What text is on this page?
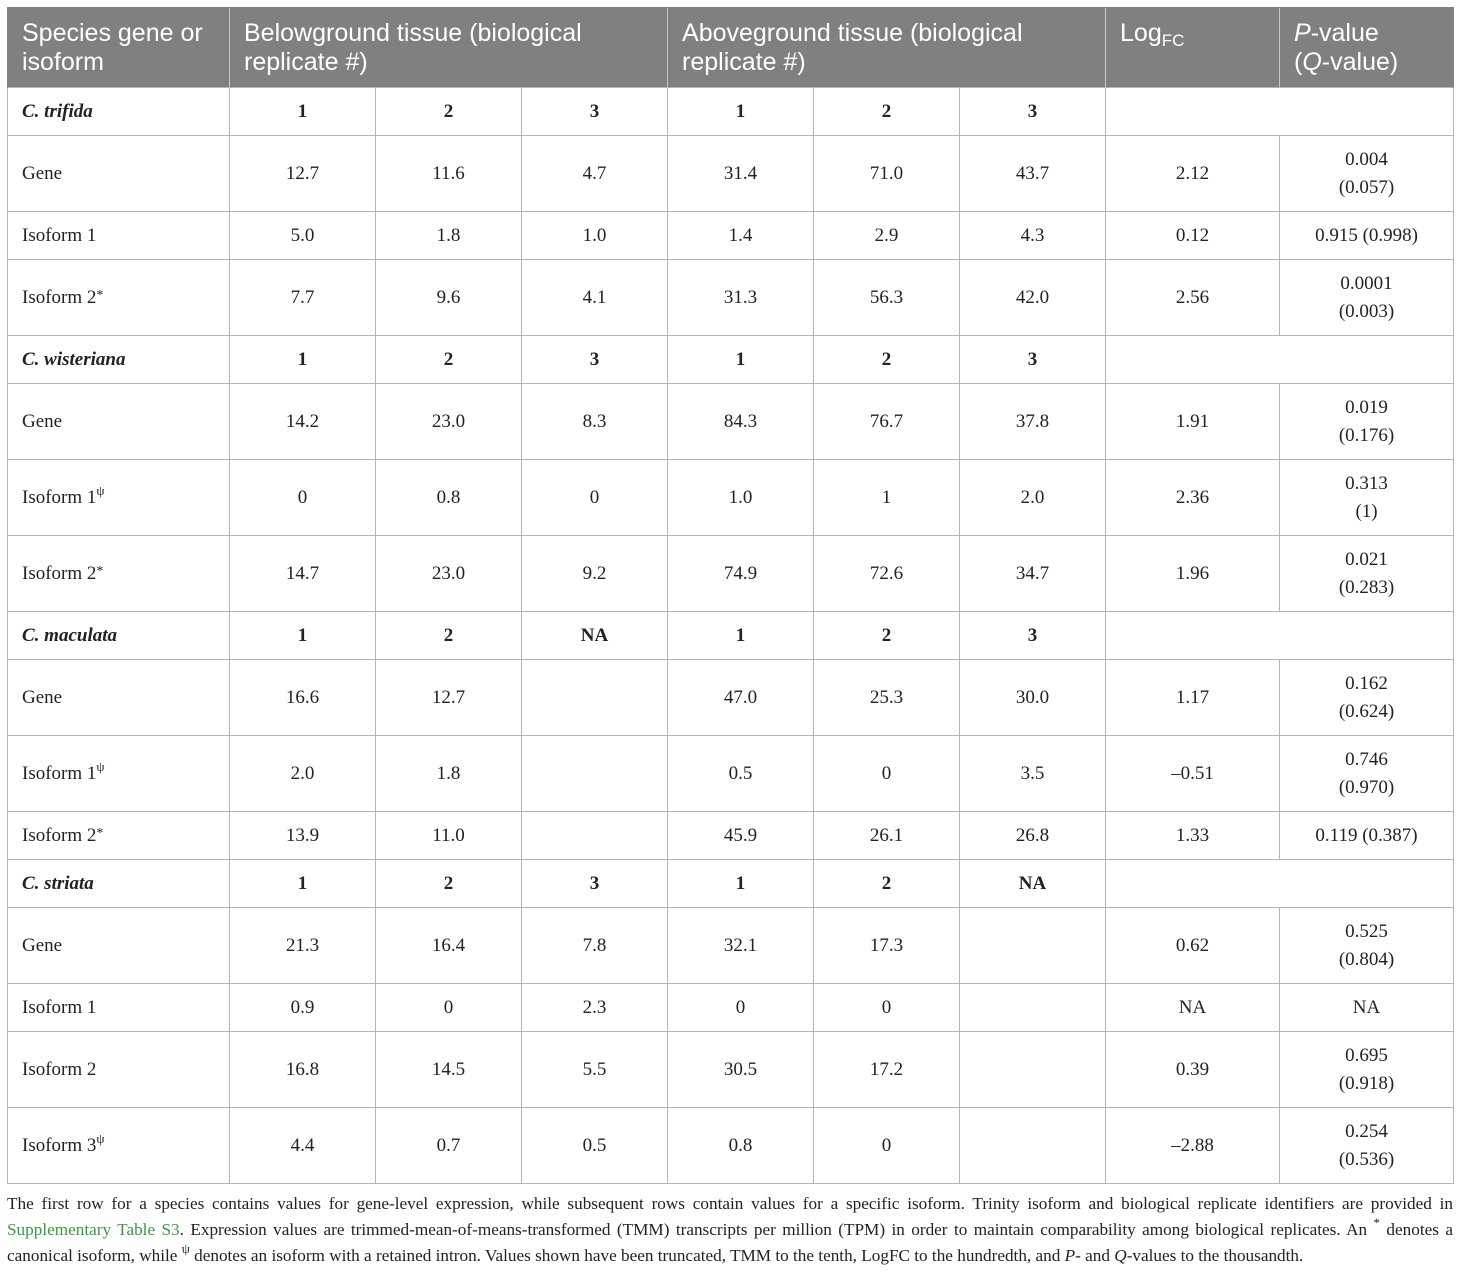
Species gene or isoform	Belowground tissue (biological replicate #)			Aboveground tissue (biological replicate #)			Log$_{FC}$	P-value
(Q-value)
C. trifida	1	2	3	1	2	3		
Gene	12.7	11.6	4.7	31.4	71.0	43.7	2.12	0.004
(0.057)
Isoform 1	5.0	1.8	1.0	1.4	2.9	4.3	0.12	0.915 (0.998)
Isoform 2*	7.7	9.6	4.1	31.3	56.3	42.0	2.56	0.0001
(0.003)
C. wisteriana	1	2	3	1	2	3		
Gene	14.2	23.0	8.3	84.3	76.7	37.8	1.91	0.019
(0.176)
Isoform $1^\psi$	0	0.8	0	1.0	1	2.0	2.36	0.313
(1)
Isoform 2*	14.7	23.0	9.2	74.9	72.6	34.7	1.96	0.021
(0.283)
C. maculata	1	2	NA	1	2	3		
Gene	16.6	12.7		47.0	25.3	30.0	1.17	0.162
(0.624)
Isoform $1^\psi$	2.0	1.8		0.5	0	3.5	–0.51	0.746
(0.970)
Isoform 2*	13.9	11.0		45.9	26.1	26.8	1.33	0.119 (0.387)
C. striata	1	2	3	1	2	NA		
Gene	21.3	16.4	7.8	32.1	17.3		0.62	0.525
(0.804)
Isoform 1	0.9	0	2.3	0	0		NA	NA
Isoform 2	16.8	14.5	5.5	30.5	17.2		0.39	0.695
(0.918)
Isoform $3^\psi$	4.4	0.7	0.5	0.8	0		–2.88	0.254
(0.536)
The first row for a species contains values for gene-level expression, while subsequent rows contain values for a specific isoform. Trinity isoform and biological replicate identifiers are provided in Supplementary Table S3. Expression values are trimmed-mean-of-means-transformed (TMM) transcripts per million (TPM) in order to maintain comparability among biological replicates. An * denotes a canonical isoform, while $^\psi$ denotes an isoform with a retained intron. Values shown have been truncated, TMM to the tenth, LogFC to the hundredth, and P- and Q-values to the thousandth.
